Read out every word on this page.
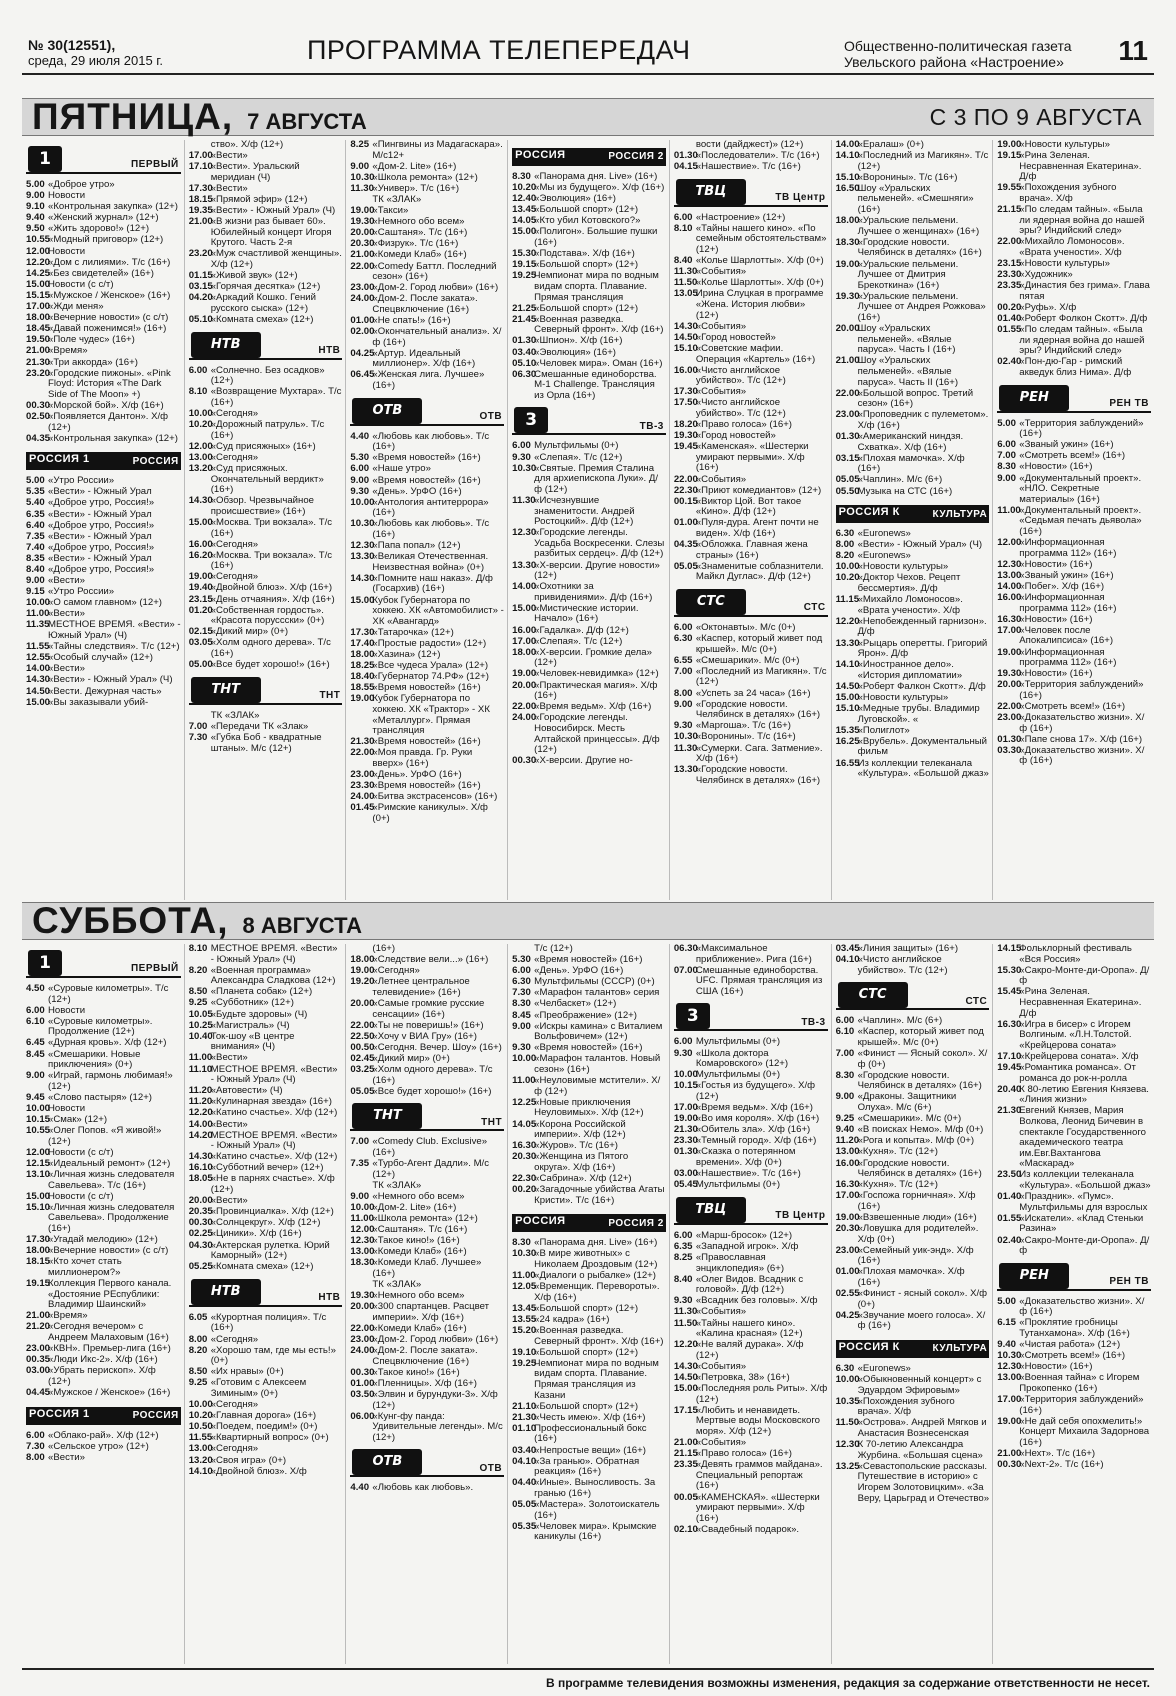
№ 30(12551),
среда, 29 июля 2015 г.	ПРОГРАММА ТЕЛЕПЕРЕДАЧ	Общественно-политическая газета
Увельского района «Настроение» 11
ПЯТНИЦА, 7 АВГУСТА	С 3 ПО 9 АВГУСТА
1	ПЕРВЫЙ
5.00 «Доброе утро»
9.00 Новости
9.10 «Контрольная закупка» (12+)
9.40 «Женский журнал» (12+)
9.50 «Жить здорово!» (12+)
10.55«Модный приговор» (12+)
12.00Новости
12.20«Дом с лилиями». Т/с (16+)
14.25«Без свидетелей» (16+)
15.00Новости (с с/т)
15.15«Мужское / Женское» (16+)
17.00«Жди меня»
18.00«Вечерние новости» (с с/т)
18.45«Давай поженимся!» (16+)
19.50«Поле чудес» (16+)
21.00«Время»
21.30«Три аккорда» (16+)
23.20«Городские пижоны». «Pink Floyd: История «The Dark Side of The Moon» +)
00.30«Морской бой». Х/ф (16+)
02.50«Появляется Дантон». Х/ф (12+)
04.35«Контрольная закупка» (12+)
РОССИЯ 1	РОССИЯ
5.00 «Утро России»
5.35 «Вести» - Южный Урал
5.40 «Доброе утро, Россия!»
6.35 «Вести» - Южный Урал
6.40 «Доброе утро, Россия!»
7.35 «Вести» - Южный Урал
7.40 «Доброе утро, Россия!»
8.35 «Вести» - Южный Урал
8.40 «Доброе утро, Россия!»
9.00 «Вести»
9.15 «Утро России»
10.00«О самом главном» (12+)
11.00«Вести»
11.35МЕСТНОЕ ВРЕМЯ. «Вести» - Южный Урал» (Ч)
11.55«Тайны следствия». Т/с (12+)
12.55«Особый случай» (12+)
14.00«Вести»
14.30«Вести» - Южный Урал» (Ч)
14.50«Вести. Дежурная часть»
15.00«Вы заказывали убий-
ство». Х/ф (12+)
17.00«Вести»
17.10«Вести». Уральский меридиан (Ч)
17.30«Вести»
18.15«Прямой эфир» (12+)
19.35«Вести» - Южный Урал» (Ч)
21.00«В жизни раз бывает 60». Юбилейный концерт Игоря Крутого. Часть 2-я
23.20«Муж счастливой женщины». Х/ф (12+)
01.15«Живой звук» (12+)
03.15«Горячая десятка» (12+)
04.20«Аркадий Кошко. Гений русского сыска» (12+)
05.10«Комната смеха» (12+)
НТВ	НТВ
6.00 «Солнечно. Без осадков» (12+)
8.10 «Возвращение Мухтара». Т/с (16+)
10.00«Сегодня»
10.20«Дорожный патруль». Т/с (16+)
12.00«Суд присяжных» (16+)
13.00«Сегодня»
13.20«Суд присяжных. Окончательный вердикт» (16+)
14.30«Обзор. Чрезвычайное происшествие» (16+)
15.00«Москва. Три вокзала». Т/с (16+)
16.00«Сегодня»
16.20«Москва. Три вокзала». Т/с (16+)
19.00«Сегодня»
19.40«Двойной блюз». Х/ф (16+)
23.15«День отчаяния». Х/ф (16+)
01.20«Собственная гордость». «Красота поруссски» (0+)
02.15«Дикий мир» (0+)
03.05«Холм одного дерева». Т/с (16+)
05.00«Все будет хорошо!» (16+)
ТНТ	ТНТ
ТК «ЗЛАК»
7.00 «Передачи ТК «Злак»
7.30 «Губка Боб - квадратные штаны». М/с (12+)
8.25 «Пингвины из Мадагаскара». М/с12+
9.00 «Дом-2. Lite» (16+)
10.30«Школа ремонта» (12+)
11.30«Универ». Т/с (16+)
ТК «ЗЛАК»
19.00«Такси»
19.30«Немного обо всем»
20.00«Саштаня». Т/с (16+)
20.30«Физрук». Т/с (16+)
21.00«Комеди Клаб» (16+)
22.00«Comedy Баттл. Последний сезон» (16+)
23.00«Дом-2. Город любви» (16+)
24.00«Дом-2. После заката». Спецвключение (16+)
01.00«Не спать!» (16+)
02.00«Окончательный анализ». Х/ф (16+)
04.25«Артур. Идеальный миллионер». Х/ф (16+)
06.45«Женская лига. Лучшее» (16+)
ОТВ	ОТВ
4.40 «Любовь как любовь». Т/с (16+)
5.30 «Время новостей» (16+)
6.00 «Наше утро»
9.00 «Время новостей» (16+)
9.30 «День». УрФО (16+)
10.00«Антология антитеррора» (16+)
10.30«Любовь как любовь». Т/с (16+)
12.30«Папа попал» (12+)
13.30«Великая Отечественная. Неизвестная война» (0+)
14.30«Помните наш наказ». Д/ф (Госархив) (16+)
15.00Кубок Губернатора по хоккею. ХК «Автомобилист» - ХК «Авангард»
17.30«Татарочка» (12+)
17.40«Простые радости» (12+)
18.00«Хазина» (12+)
18.25«Все чудеса Урала» (12+)
18.40«Губернатор 74.РФ» (12+)
18.55«Время новостей» (16+)
19.00Кубок Губернатора по хоккею. ХК «Трактор» - ХК «Металлург». Прямая трансляция
21.30«Время новостей» (16+)
22.00«Моя правда. Гр. Руки вверх» (16+)
23.00«День». УрФО (16+)
23.30«Время новостей» (16+)
24.00«Битва экстрасенсов» (16+)
01.45«Римские каникулы». Х/ф (0+)
РОССИЯ	РОССИЯ 2
8.30 «Панорама дня. Live» (16+)
10.20«Мы из будущего». Х/ф (16+)
12.40«Эволюция» (16+)
13.45«Большой спорт» (12+)
14.05«Кто убил Котовского?»
15.00«Полигон». Большие пушки (16+)
15.30«Подстава». Х/ф (16+)
19.15«Большой спорт» (12+)
19.25Чемпионат мира по водным видам спорта. Плавание. Прямая трансляция
21.25«Большой спорт» (12+)
21.45«Военная разведка. Северный фронт». Х/ф (16+)
01.30«Шпион». Х/ф (16+)
03.40«Эволюция» (16+)
05.10«Человек мира». Оман (16+)
06.30Смешанные единоборства. М-1 Challenge. Трансляция из Орла (16+)
3	ТВ-3
6.00 Мультфильмы (0+)
9.30 «Слепая». Т/с (12+)
10.30«Святые. Премия Сталина для архиепископа Луки». Д/ф (12+)
11.30«Исчезнувшие знаменитости. Андрей Ростоцкий». Д/ф (12+)
12.30«Городские легенды. Усадьба Воскресенки. Слезы разбитых сердец». Д/ф (12+)
13.30«Х-версии. Другие новости» (12+)
14.00«Охотники за привидениями». Д/ф (16+)
15.00«Мистические истории. Начало» (16+)
16.00«Гадалка». Д/ф (12+)
17.00«Слепая». Т/с (12+)
18.00«Х-версии. Громкие дела» (12+)
19.00«Человек-невидимка» (12+)
20.00«Практическая магия». Х/ф (16+)
22.00«Время ведьм». Х/ф (16+)
24.00«Городские легенды. Новосибирск. Месть Алтайской принцессы». Д/ф (12+)
00.30«Х-версии. Другие но-
вости (дайджест)» (12+)
01.30«Последователи». Т/с (16+)
04.15«Нашествие». Т/с (16+)
ТВЦ	ТВ Центр
6.00 «Настроение» (12+)
8.10 «Тайны нашего кино». «По семейным обстоятельствам» (12+)
8.40 «Колье Шарлотты». Х/ф (0+)
11.30«События»
11.50«Колье Шарлотты». Х/ф (0+)
13.05Ирина Слуцкая в программе «Жена. История любви» (12+)
14.30«События»
14.50«Город новостей»
15.10«Советские мафии. Операция «Картель» (16+)
16.00«Чисто английское убийство». Т/с (12+)
17.30«События»
17.50«Чисто английское убийство». Т/с (12+)
18.20«Право голоса» (16+)
19.30«Город новостей»
19.45«Каменская». «Шестерки умирают первыми». Х/ф (16+)
22.00«События»
22.30«Приют комедиантов» (12+)
00.15«Виктор Цой. Вот такое «Кино». Д/ф (12+)
01.00«Пуля-дура. Агент почти не виден». Х/ф (16+)
04.35«Обложка. Главная жена страны» (16+)
05.05«Знаменитые соблазнители. Майкл Дуглас». Д/ф (12+)
СТС	СТС
6.00 «Октонавты». М/с (0+)
6.30 «Каспер, который живет под крышей». М/с (0+)
6.55 «Смешарики». М/с (0+)
7.00 «Последний из Магикян». Т/с (12+)
8.00 «Успеть за 24 часа» (16+)
9.00 «Городские новости. Челябинск в деталях» (16+)
9.30 «Маргоша». Т/с (16+)
10.30«Воронины». Т/с (16+)
11.30«Сумерки. Сага. Затмение». Х/ф (16+)
13.30«Городские новости. Челябинск в деталях» (16+)
14.00«Ералаш» (0+)
14.10«Последний из Магикян». Т/с (12+)
15.10«Воронины». Т/с (16+)
16.50Шоу «Уральских пельменей». «Смешняги» (16+)
18.00«Уральские пельмени. Лучшее о женщинах» (16+)
18.30«Городские новости. Челябинск в деталях» (16+)
19.00«Уральские пельмени. Лучшее от Дмитрия Брекоткина» (16+)
19.30«Уральские пельмени. Лучшее от Андрея Рожкова» (16+)
20.00Шоу «Уральских пельменей». «Вялые паруса». Часть I (16+)
21.00Шоу «Уральских пельменей». «Вялые паруса». Часть II (16+)
22.00«Большой вопрос. Третий сезон» (16+)
23.00«Проповедник с пулеметом». Х/ф (16+)
01.30«Американский ниндзя. Схватка». Х/ф (16+)
03.15«Плохая мамочка». Х/ф (16+)
05.05«Чаплин». М/с (6+)
05.50Музыка на СТС (16+)
РОССИЯ К	КУЛЬТУРА
6.30 «Euronews»
8.00 «Вести» - Южный Урал» (Ч)
8.20 «Euronews»
10.00«Новости культуры»
10.20«Доктор Чехов. Рецепт бессмертия». Д/ф
11.15«Михайло Ломоносов». «Врата учености». Х/ф
12.20«Непобежденный гарнизон». Д/ф
13.30«Рыцарь оперетты. Григорий Ярон». Д/ф
14.10«Иностранное дело». «История дипломатии»
14.50«Роберт Фалкон Скотт». Д/ф
15.00«Новости культуры»
15.10«Медные трубы. Владимир Луговской». «
15.35«Полиглот»
16.25«Врубель». Документальный фильм
16.55Из коллекции телеканала «Культура». «Большой джаз»
19.00«Новости культуры»
19.15«Рина Зеленая. Несравненная Екатерина». Д/ф
19.55«Похождения зубного врача». Х/ф
21.15«По следам тайны». «Была ли ядерная война до нашей эры? Индийский след»
22.00«Михайло Ломоносов». «Врата учености». Х/ф
23.15«Новости культуры»
23.30«Художник»
23.35«Династия без грима». Глава пятая
00.20«Руфь». Х/ф
01.40«Роберт Фолкон Скотт». Д/ф
01.55«По следам тайны». «Была ли ядерная война до нашей эры? Индийский след»
02.40«Пон-дю-Гар - римский акведук близ Нима». Д/ф
РЕН	РЕН ТВ
5.00 «Территория заблуждений» (16+)
6.00 «Званый ужин» (16+)
7.00 «Смотреть всем!» (16+)
8.30 «Новости» (16+)
9.00 «Документальный проект». «НЛО. Секретные материалы» (16+)
11.00«Документальный проект». «Седьмая печать дьявола» (16+)
12.00«Информационная программа 112» (16+)
12.30«Новости» (16+)
13.00«Званый ужин» (16+)
14.00«Побег». Х/ф (16+)
16.00«Информационная программа 112» (16+)
16.30«Новости» (16+)
17.00«Человек после Апокалипсиса» (16+)
19.00«Информационная программа 112» (16+)
19.30«Новости» (16+)
20.00«Территория заблуждений» (16+)
22.00«Смотреть всем!» (16+)
23.00«Доказательство жизни». Х/ф (16+)
01.30«Папе снова 17». Х/ф (16+)
03.30«Доказательство жизни». Х/ф (16+)
СУББОТА, 8 АВГУСТА
1	ПЕРВЫЙ
4.50 «Суровые километры». Т/с (12+)
6.00 Новости
6.10 «Суровые километры». Продолжение (12+)
6.45 «Дурная кровь». Х/ф (12+)
8.45 «Смешарики. Новые приключения» (0+)
9.00 «Играй, гармонь любимая!» (12+)
9.45 «Слово пастыря» (12+)
10.00Новости
10.15«Смак» (12+)
10.55«Олег Попов. «Я живой!» (12+)
12.00Новости (с с/т)
12.15«Идеальный ремонт» (12+)
13.10«Личная жизнь следователя Савельева». Т/с (16+)
15.00Новости (с с/т)
15.10«Личная жизнь следователя Савельева». Продолжение (16+)
17.30«Угадай мелодию» (12+)
18.00«Вечерние новости» (с с/т)
18.15«Кто хочет стать миллионером?»
19.15Коллекция Первого канала. «Достояние РЕспублики: Владимир Шаинский»
21.00«Время»
21.20«Сегодня вечером» с Андреем Малаховым (16+)
23.00«КВН». Премьер-лига (16+)
00.35«Люди Икс-2». Х/ф (16+)
03.00«Убрать перископ». Х/ф (12+)
04.45«Мужское / Женское» (16+)
РОССИЯ 1	РОССИЯ
6.00 «Облако-рай». Х/ф (12+)
7.30 «Сельское утро» (12+)
8.00 «Вести»
8.10 МЕСТНОЕ ВРЕМЯ. «Вести» - Южный Урал» (Ч)
8.20 «Военная программа» Александра Сладкова (12+)
8.50 «Планета собак» (12+)
9.25 «Субботник» (12+)
10.05«Будьте здоровы» (Ч)
10.25«Магистраль» (Ч)
10.40Ток-шоу «В центре внимания» (Ч)
11.00«Вести»
11.10МЕСТНОЕ ВРЕМЯ. «Вести» - Южный Урал» (Ч)
11.20«Автовести» (Ч)
11.20«Кулинарная звезда» (16+)
12.20«Катино счастье». Х/ф (12+)
14.00«Вести»
14.20МЕСТНОЕ ВРЕМЯ. «Вести» - Южный Урал» (Ч)
14.30«Катино счастье». Х/ф (12+)
16.10«Субботний вечер» (12+)
18.05«Не в парнях счастье». Х/ф (12+)
20.00«Вести»
20.35«Провинциалка». Х/ф (12+)
00.30«Солнцекруг». Х/ф (12+)
02.25«Циники». Х/ф (16+)
04.30«Актерская рулетка. Юрий Каморный» (12+)
05.25«Комната смеха» (12+)
НТВ	НТВ
6.05 «Курортная полиция». Т/с (16+)
8.00 «Сегодня»
8.20 «Хорошо там, где мы есть!» (0+)
8.50 «Их нравы» (0+)
9.25 «Готовим с Алексеем Зиминым» (0+)
10.00«Сегодня»
10.20«Главная дорога» (16+)
10.50«Поедем, поедим!» (0+)
11.55«Квартирный вопрос» (0+)
13.00«Сегодня»
13.20«Своя игра» (0+)
14.10«Двойной блюз». Х/ф
(16+)
18.00«Следствие вели...» (16+)
19.00«Сегодня»
19.20«Летнее центральное телевидение» (16+)
20.00«Самые громкие русские сенсации» (16+)
22.00«Ты не поверишь!» (16+)
22.50«Хочу v ВИА Гру» (16+)
00.50«Сегодня. Вечер. Шоу» (16+)
02.45«Дикий мир» (0+)
03.25«Холм одного дерева». Т/с (16+)
05.05«Все будет хорошо!» (16+)
ТНТ	ТНТ
7.00 «Comedy Club. Exclusive» (16+)
7.35 «Турбо-Агент Дадли». М/с (12+)
ТК «ЗЛАК»
9.00 «Немного обо всем»
10.00«Дом-2. Lite» (16+)
11.00«Школа ремонта» (12+)
12.00«Саштаня». Т/с (16+)
12.30«Такое кино!» (16+)
13.00«Комеди Клаб» (16+)
18.30«Комеди Клаб. Лучшее» (16+)
ТК «ЗЛАК»
19.30«Немного обо всем»
20.00«300 спартанцев. Расцвет империи». Х/ф (16+)
22.00«Комеди Клаб» (16+)
23.00«Дом-2. Город любви» (16+)
24.00«Дом-2. После заката». Спецвключение (16+)
00.30«Такое кино!» (16+)
01.00«Пленницы». Х/ф (16+)
03.50«Элвин и бурундуки-3». Х/ф (12+)
06.00«Кунг-фу панда: Удивительные легенды». М/с (12+)
ОТВ	ОТВ
4.40 «Любовь как любовь».
Т/с (12+)
5.30 «Время новостей» (16+)
6.00 «День». УрФО (16+)
6.30 Мультфильмы (СССР) (0+)
7.30 «Марафон талантов» серия
8.30 «Челбаскет» (12+)
8.45 «Преображение» (12+)
9.00 «Искры камина» с Виталием Вольфовичем» (12+)
9.30 «Время новостей» (16+)
10.00«Марафон талантов. Новый сезон» (16+)
11.00«Неуловимые мстители». Х/ф (12+)
12.25«Новые приключения Неуловимых». Х/ф (12+)
14.05«Корона Российской империи». Х/ф (12+)
16.30«Журов». Т/с (16+)
20.30«Женщина из Пятого округа». Х/ф (16+)
22.30«Сабрина». Х/ф (12+)
00.20«Загадочные убийства Агаты Кристи». Т/с (16+)
РОССИЯ	РОССИЯ 2
8.30 «Панорама дня. Live» (16+)
10.30«В мире животных» с Николаем Дроздовым (12+)
11.00«Диалоги о рыбалке» (12+)
12.05«Временщик. Перевороты». Х/ф (16+)
13.45«Большой спорт» (12+)
13.55«24 кадра» (16+)
15.20«Военная разведка. Северный фронт». Х/ф (16+)
19.10«Большой спорт» (12+)
19.25Чемпионат мира по водным видам спорта. Плавание. Прямая трансляция из Казани
21.10«Большой спорт» (12+)
21.30«Честь имею». Х/ф (16+)
01.10Профессиональный бокс (16+)
03.40«Непростые вещи» (16+)
04.10«За гранью». Обратная реакция» (16+)
04.40«Иные». Выносливость. За гранью (16+)
05.05«Мастера». Золотоискатель (16+)
05.35«Человек мира». Крымские каникулы (16+)
06.30«Максимальное приближение». Рига (16+)
07.00Смешанные единоборства. UFC. Прямая трансляция из США (16+)
3	ТВ-3
6.00 Мультфильмы (0+)
9.30 «Школа доктора Комаровского» (12+)
10.00Мультфильмы (0+)
10.15«Гостья из будущего». Х/ф (12+)
17.00«Время ведьм». Х/ф (16+)
19.00«Во имя короля». Х/ф (16+)
21.30«Обитель зла». Х/ф (16+)
23.30«Темный город». Х/ф (16+)
01.30«Сказка о потерянном времени». Х/ф (0+)
03.00«Нашествие». Т/с (16+)
05.45Мультфильмы (0+)
ТВЦ	ТВ Центр
6.00 «Марш-бросок» (12+)
6.35 «Западной игрок». Х/ф
8.25 «Православная энциклопедия» (6+)
8.40 «Олег Видов. Всадник с головой». Д/ф (12+)
9.30 «Всадник без головы». Х/ф
11.30«События»
11.50«Тайны нашего кино». «Калина красная» (12+)
12.20«Не валяй дурака». Х/ф (12+)
14.30«События»
14.50«Петровка, 38» (16+)
15.00«Последняя роль Риты». Х/ф (12+)
17.15«Любить и ненавидеть. Мертвые воды Московского моря». Х/ф (12+)
21.00«События»
21.15«Право голоса» (16+)
23.35«Девять граммов майдана». Специальный репортаж (16+)
00.05«КАМЕНСКАЯ». «Шестерки умирают первыми». Х/ф (16+)
02.10«Свадебный подарок».
03.45«Линия защиты» (16+)
04.10«Чисто английское убийство». Т/с (12+)
СТС	СТС
6.00 «Чаплин». М/с (6+)
6.10 «Каспер, который живет под крышей». М/с (0+)
7.00 «Финист — Ясный сокол». Х/ф (0+)
8.30 «Городские новости. Челябинск в деталях» (16+)
9.00 «Драконы. Защитники Олуха». М/с (6+)
9.25 «Смешарики». М/с (0+)
9.40 «В поисках Немо». М/ф (0+)
11.20«Рога и копыта». М/ф (0+)
13.00«Кухня». Т/с (12+)
16.00«Городские новости. Челябинск в деталях» (16+)
16.30«Кухня». Т/с (12+)
17.00«Госпожа горничная». Х/ф (16+)
19.00«Взвешенные люди» (16+)
20.30«Ловушка для родителей». Х/ф (0+)
23.00«Семейный уик-энд». Х/ф (16+)
01.00«Плохая мамочка». Х/ф (16+)
02.55«Финист - ясный сокол». Х/ф (0+)
04.25«Звучание моего голоса». Х/ф (16+)
РОССИЯ К	КУЛЬТУРА
6.30 «Euronews»
10.00«Обыкновенный концерт» с Эдуардом Эфировым»
10.35«Похождения зубного врача». Х/ф
11.50«Острова». Андрей Мягков и Анастасия Вознесенская
12.30К 70-летию Александра Журбина. «Большая сцена»
13.25«Севастопольские рассказы. Путешествие в историю» с Игорем Золотовицким». «За Веру, Царьград и Отечество»
14.15Фольклорный фестиваль «Вся Россия»
15.30«Сакро-Монте-ди-Оропа». Д/ф
15.45«Рина Зеленая. Несравненная Екатерина». Д/ф
16.30«Игра в бисер» с Игорем Волгиным. «Л.Н.Толстой. «Крейцерова соната»
17.10«Крейцерова соната». Х/ф
19.45«Романтика романса». От романса до рок-н-ролла
20.40К 80-летию Евгения Князева. «Линия жизни»
21.30Евгений Князев, Мария Волкова, Леонид Бичевин в спектакле Государственного академического театра им.Евг.Вахтангова «Маскарад»
23.50Из коллекции телеканала «Культура». «Большой джаз»
01.40«Праздник». «Пумс». Мультфильмы для взрослых
01.55«Искатели». «Клад Стеньки Разина»
02.40«Сакро-Монте-ди-Оропа». Д/ф
РЕН	РЕН ТВ
5.00 «Доказательство жизни». Х/ф (16+)
6.15 «Проклятие гробницы Тутанхамона». Х/ф (16+)
9.40 «Чистая работа» (12+)
10.30«Смотреть всем!» (16+)
12.30«Новости» (16+)
13.00«Военная тайна» с Игорем Прокопенко (16+)
17.00«Территория заблуждений» (16+)
19.00«Не дай себя опохмелить!» Концерт Михаила Задорнова (16+)
21.00«Нехт». Т/с (16+)
00.30«Nехт-2». Т/с (16+)
В программе телевидения возможны изменения, редакция за содержание ответственности не несет.
